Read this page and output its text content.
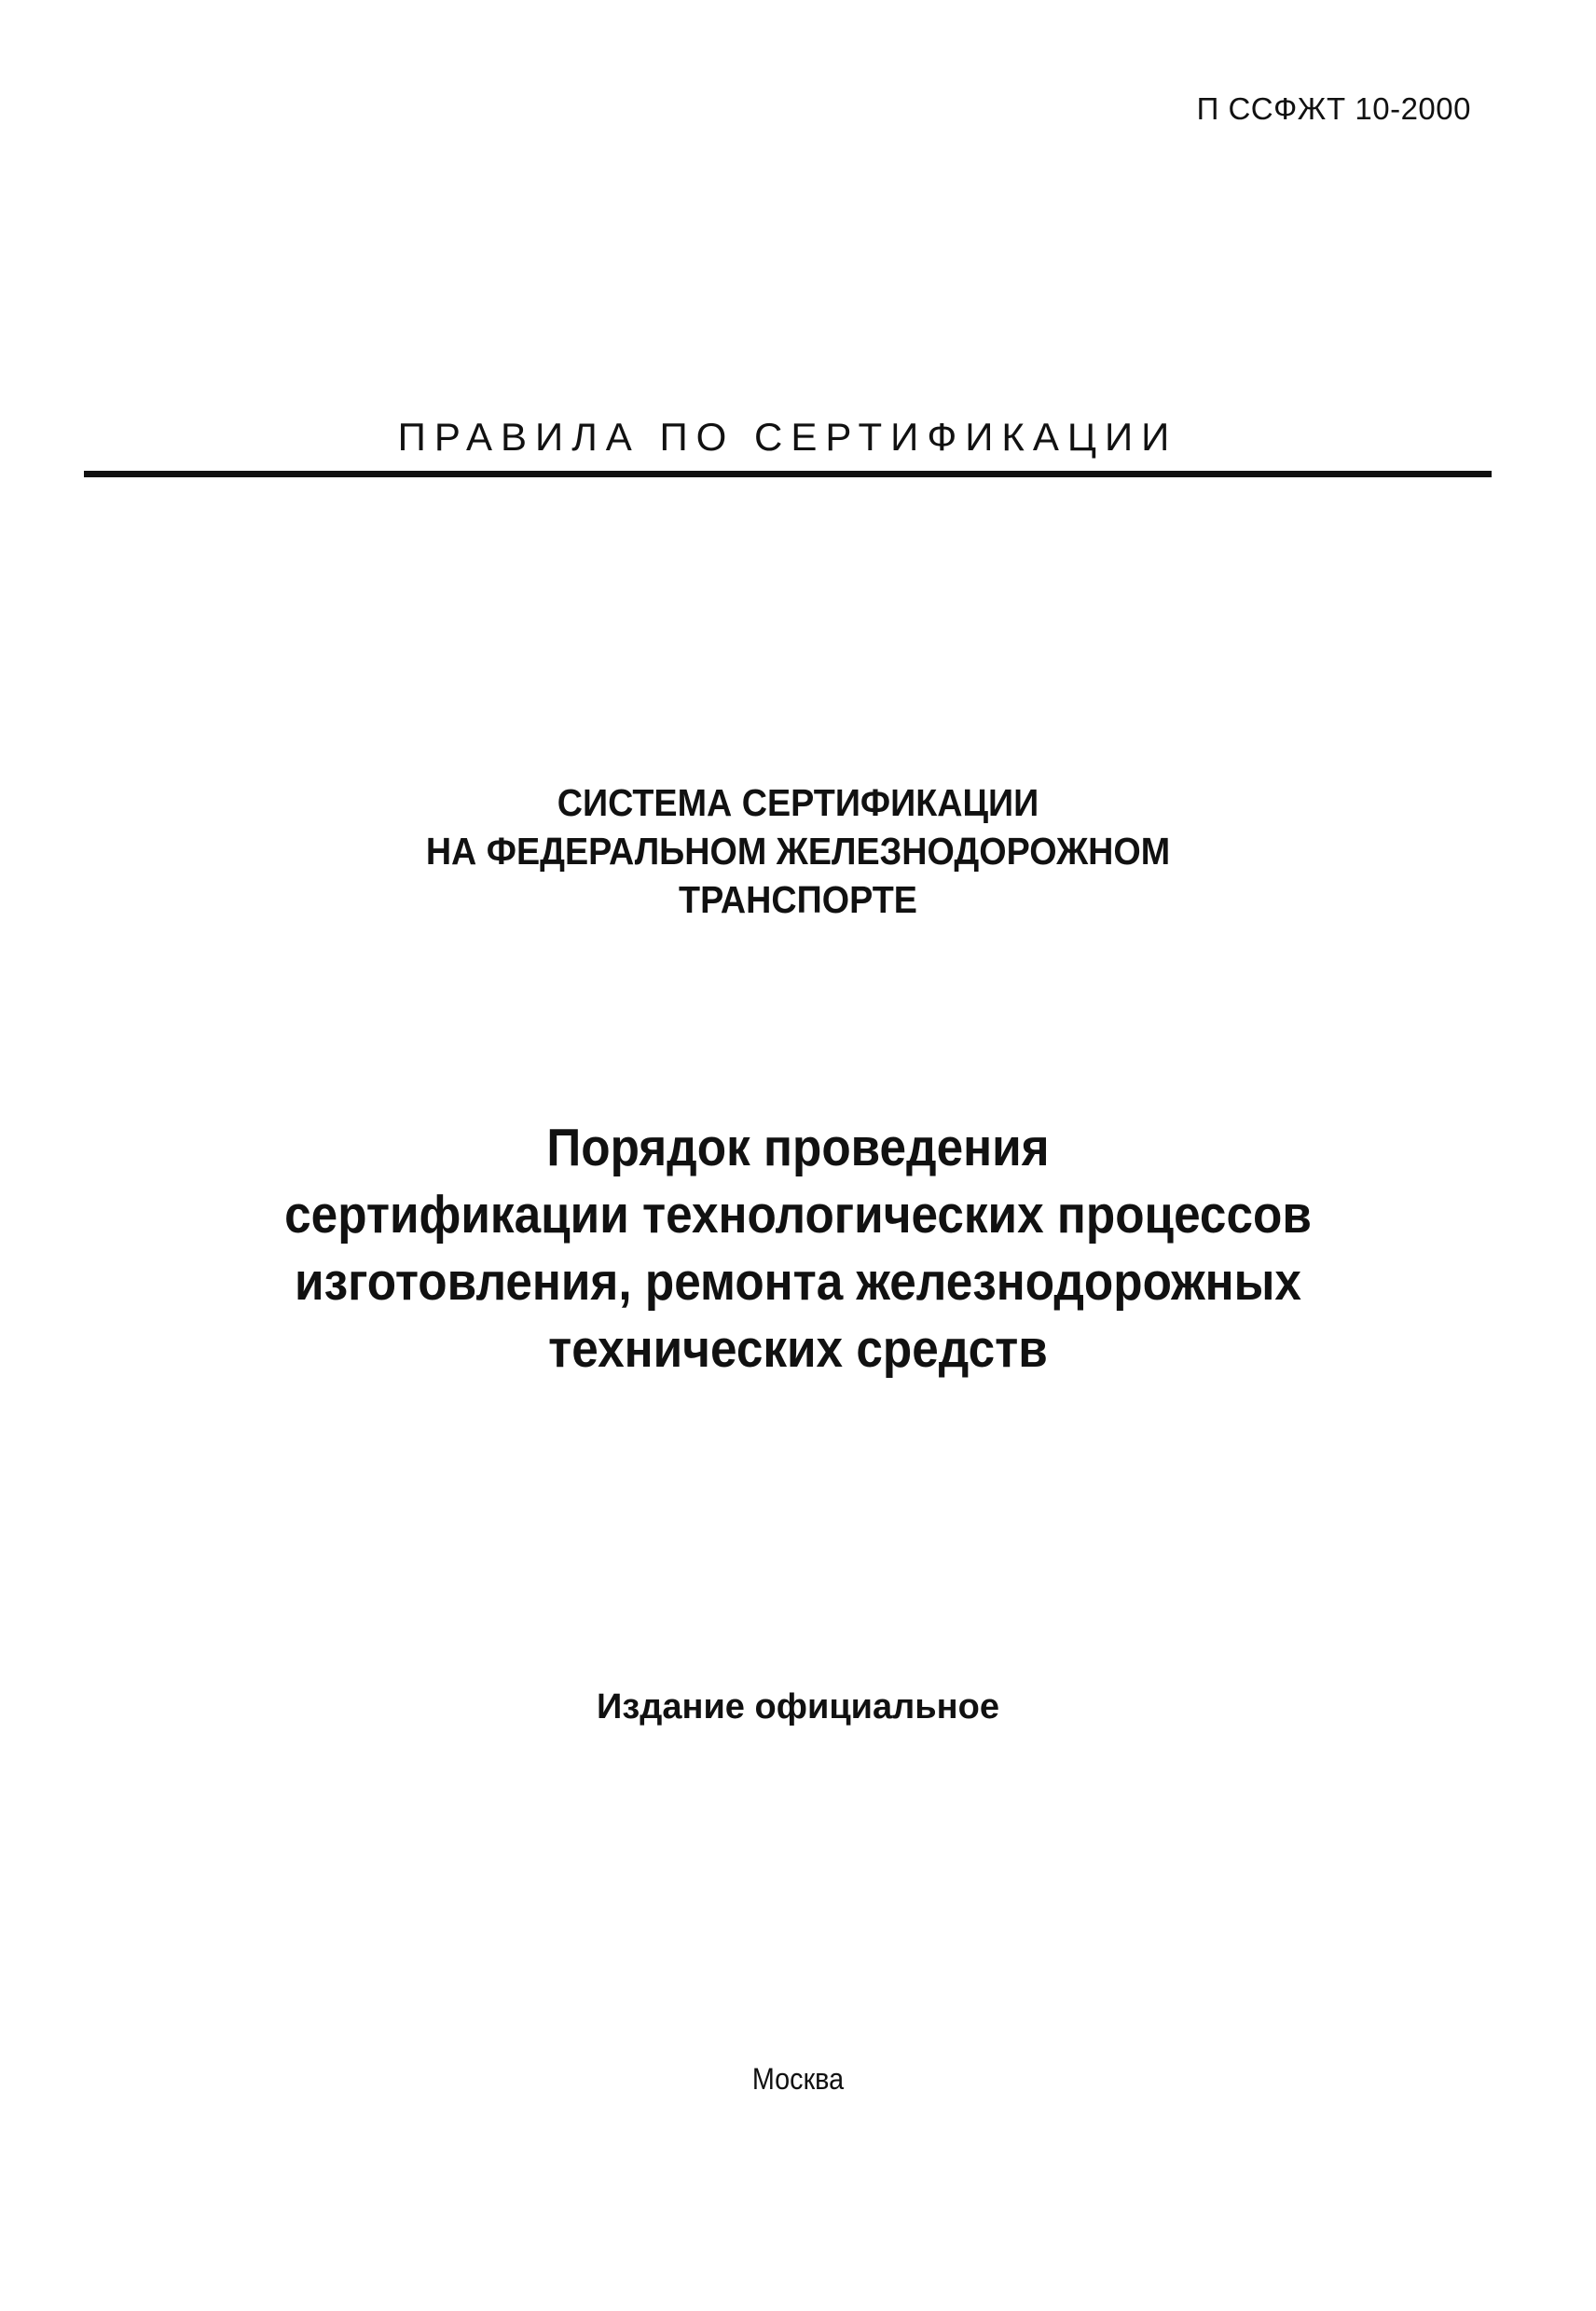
П ССФЖТ 10-2000
ПРАВИЛА ПО СЕРТИФИКАЦИИ
СИСТЕМА СЕРТИФИКАЦИИ
НА ФЕДЕРАЛЬНОМ ЖЕЛЕЗНОДОРОЖНОМ
ТРАНСПОРТЕ
Порядок проведения
сертификации технологических процессов
изготовления, ремонта железнодорожных
технических средств
Издание официальное
Москва
